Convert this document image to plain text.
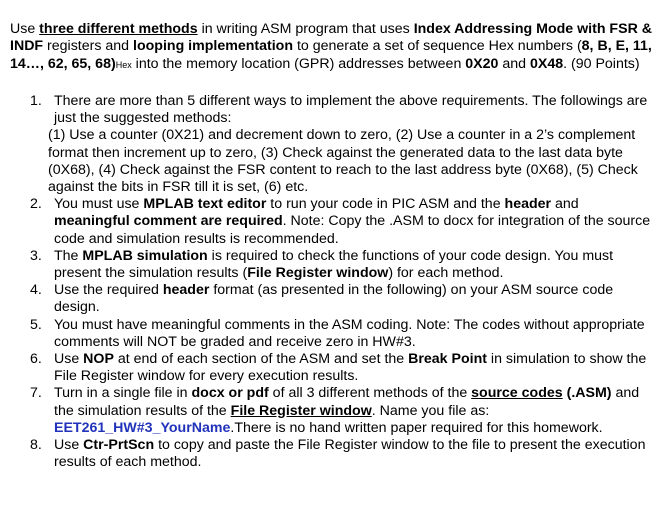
Use three different methods in writing ASM program that uses Index Addressing Mode with FSR & INDF registers and looping implementation to generate a set of sequence Hex numbers (8, B, E, 11, 14…, 62, 65, 68)Hex into the memory location (GPR) addresses between 0X20 and 0X48. (90 Points)

1. There are more than 5 different ways to implement the above requirements. The followings are just the suggested methods:
(1) Use a counter (0X21) and decrement down to zero, (2) Use a counter in a 2’s complement format then increment up to zero, (3) Check against the generated data to the last data byte (0X68), (4) Check against the FSR content to reach to the last address byte (0X68), (5) Check against the bits in FSR till it is set, (6) etc.
2. You must use MPLAB text editor to run your code in PIC ASM and the header and meaningful comment are required. Note: Copy the .ASM to docx for integration of the source code and simulation results is recommended.
3. The MPLAB simulation is required to check the functions of your code design. You must present the simulation results (File Register window) for each method.
4. Use the required header format (as presented in the following) on your ASM source code design.
5. You must have meaningful comments in the ASM coding. Note: The codes without appropriate comments will NOT be graded and receive zero in HW#3.
6. Use NOP at end of each section of the ASM and set the Break Point in simulation to show the File Register window for every execution results.
7. Turn in a single file in docx or pdf of all 3 different methods of the source codes (.ASM) and the simulation results of the File Register window. Name you file as: EET261_HW#3_YourName.There is no hand written paper required for this homework.
8. Use Ctr-PrtScn to copy and paste the File Register window to the file to present the execution results of each method.
